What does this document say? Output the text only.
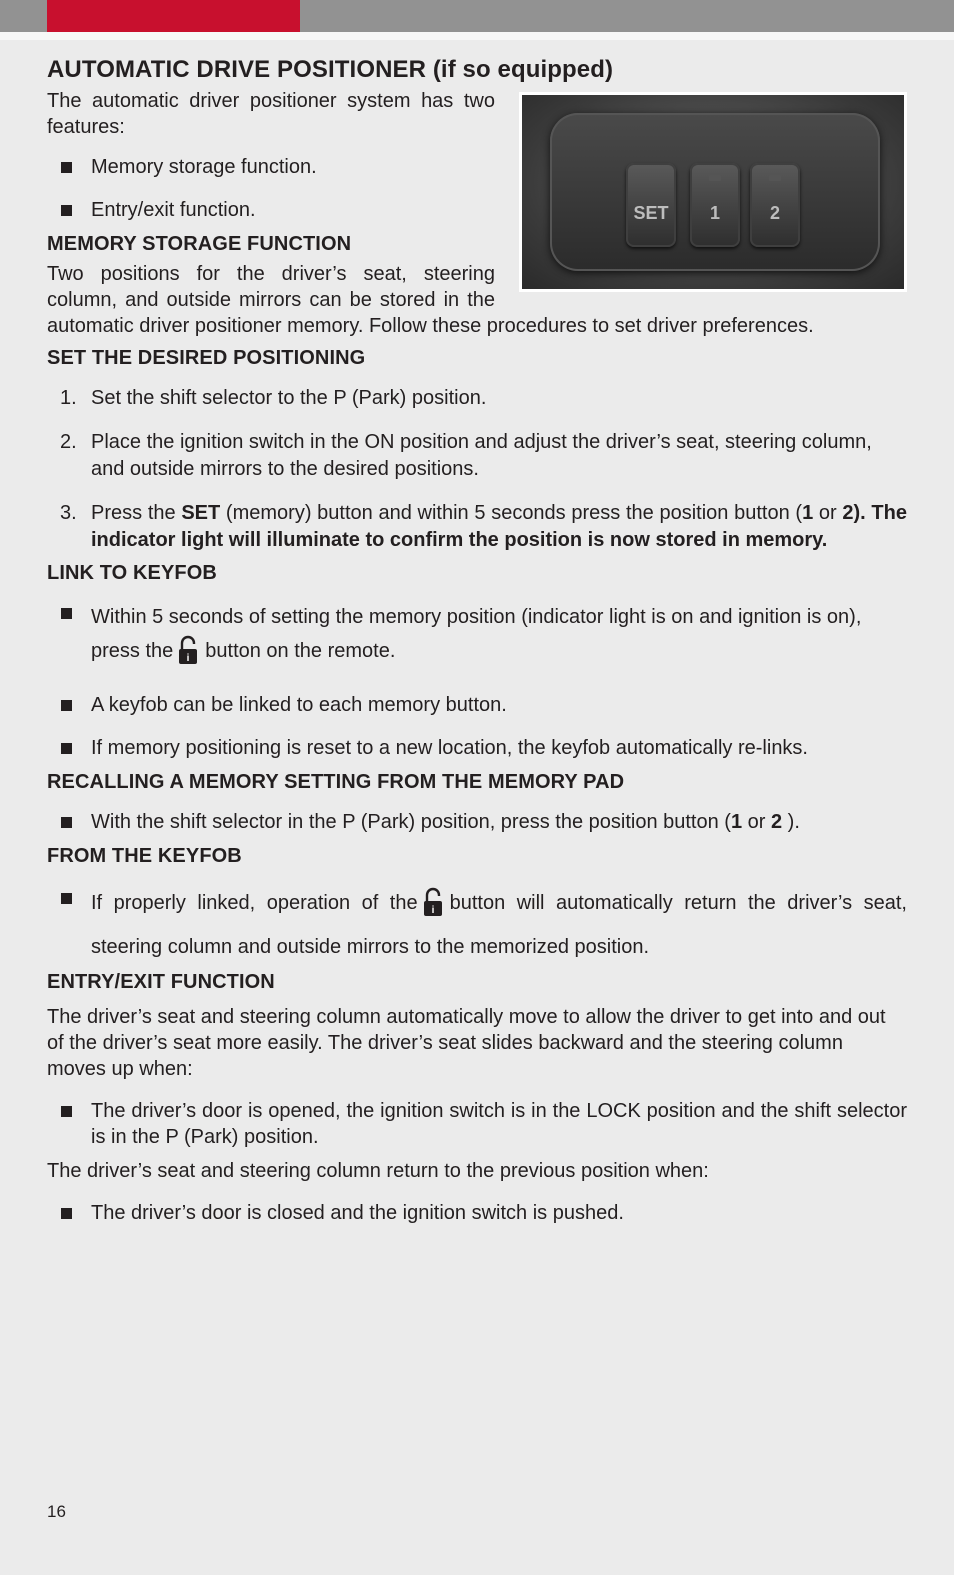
AUTOMATIC DRIVE POSITIONER (if so equipped)
SET	1	2

The automatic driver positioner system has two features:

Memory storage function.
Entry/exit function.
MEMORY STORAGE FUNCTION

Two positions for the driver’s seat, steering column, and outside mirrors can be stored in the automatic driver positioner memory. Follow these procedures to set driver preferences.

SET THE DESIRED POSITIONING
1. Set the shift selector to the P (Park) position.
2. Place the ignition switch in the ON position and adjust the driver’s seat, steering column, and outside mirrors to the desired positions.
3. Press the SET (memory) button and within 5 seconds press the position button (1 or 2). The indicator light will illuminate to confirm the position is now stored in memory.
LINK TO KEYFOB
Within 5 seconds of setting the memory position (indicator light is on and ignition is on), press the i button on the remote.
A keyfob can be linked to each memory button.
If memory positioning is reset to a new location, the keyfob automatically re-links.
RECALLING A MEMORY SETTING FROM THE MEMORY PAD
With the shift selector in the P (Park) position, press the position button (1 or 2 ).
FROM THE KEYFOB
If properly linked, operation of the i button will automatically return the driver’s seat, steering column and outside mirrors to the memorized position.
ENTRY/EXIT FUNCTION

The driver’s seat and steering column automatically move to allow the driver to get into and out of the driver’s seat more easily. The driver’s seat slides backward and the steering column moves up when:

The driver’s door is opened, the ignition switch is in the LOCK position and the shift selector is in the P (Park) position.

The driver’s seat and steering column return to the previous position when:

The driver’s door is closed and the ignition switch is pushed.
16
